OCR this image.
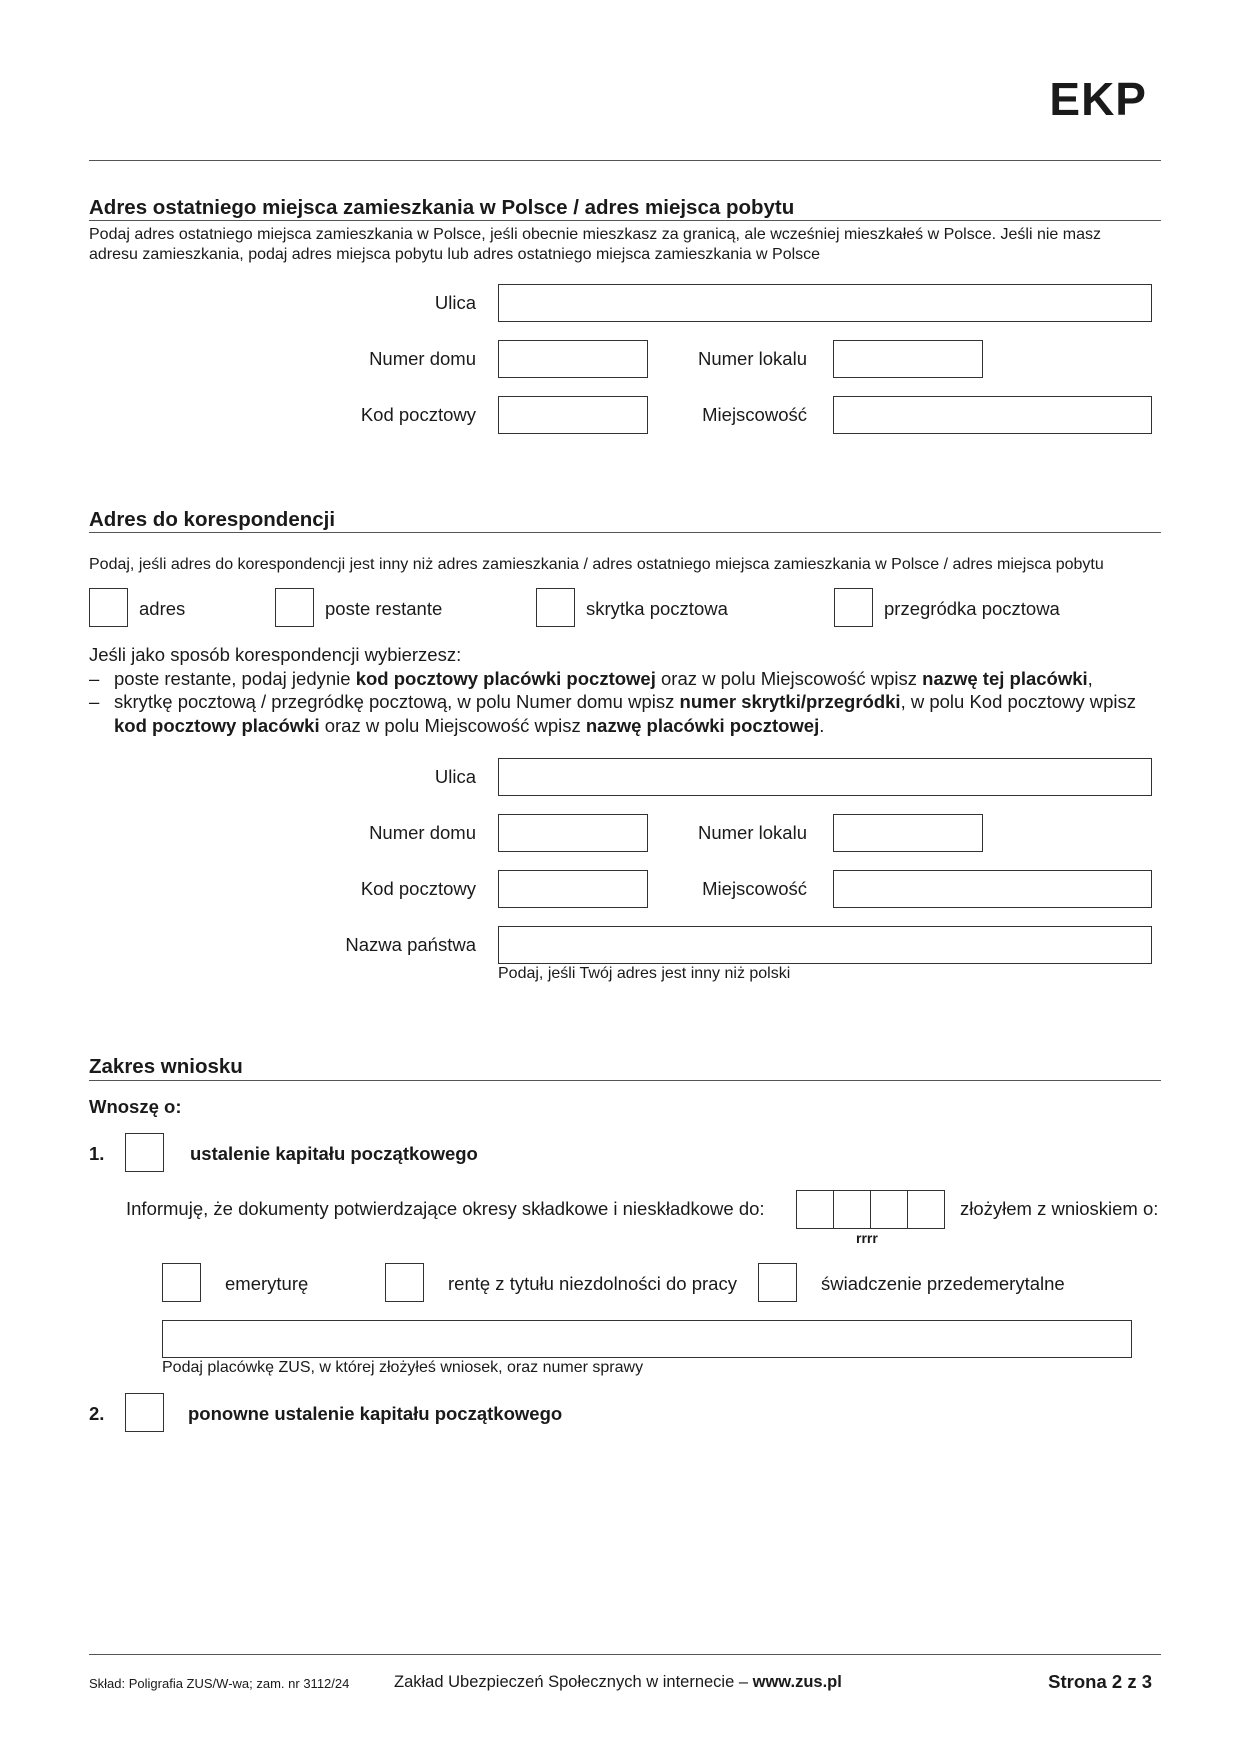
EKP
Adres ostatniego miejsca zamieszkania w Polsce / adres miejsca pobytu
Podaj adres ostatniego miejsca zamieszkania w Polsce, jeśli obecnie mieszkasz za granicą, ale wcześniej mieszkałeś w Polsce. Jeśli nie masz
adresu zamieszkania, podaj adres miejsca pobytu lub adres ostatniego miejsca zamieszkania w Polsce
Ulica
Numer domu	Numer lokalu
Kod pocztowy	Miejscowość
Adres do korespondencji
Podaj, jeśli adres do korespondencji jest inny niż adres zamieszkania / adres ostatniego miejsca zamieszkania w Polsce / adres miejsca pobytu
adres	poste restante	skrytka pocztowa	przegródka pocztowa
Jeśli jako sposób korespondencji wybierzesz:
– poste restante, podaj jedynie kod pocztowy placówki pocztowej oraz w polu Miejscowość wpisz nazwę tej placówki,
– skrytkę pocztową / przegródkę pocztową, w polu Numer domu wpisz numer skrytki/przegródki, w polu Kod pocztowy wpisz
kod pocztowy placówki oraz w polu Miejscowość wpisz nazwę placówki pocztowej.
Ulica
Numer domu	Numer lokalu
Kod pocztowy	Miejscowość
Nazwa państwa
Podaj, jeśli Twój adres jest inny niż polski
Zakres wniosku
Wnoszę o:
1.	ustalenie kapitału początkowego
Informuję, że dokumenty potwierdzające okresy składkowe i nieskładkowe do:
rrrr
złożyłem z wnioskiem o:
emeryturę	rentę z tytułu niezdolności do pracy	świadczenie przedemerytalne
Podaj placówkę ZUS, w której złożyłeś wniosek, oraz numer sprawy
2.	ponowne ustalenie kapitału początkowego
Skład: Poligrafia ZUS/W-wa; zam. nr 3112/24	Zakład Ubezpieczeń Społecznych w internecie – www.zus.pl	Strona 2 z 3
